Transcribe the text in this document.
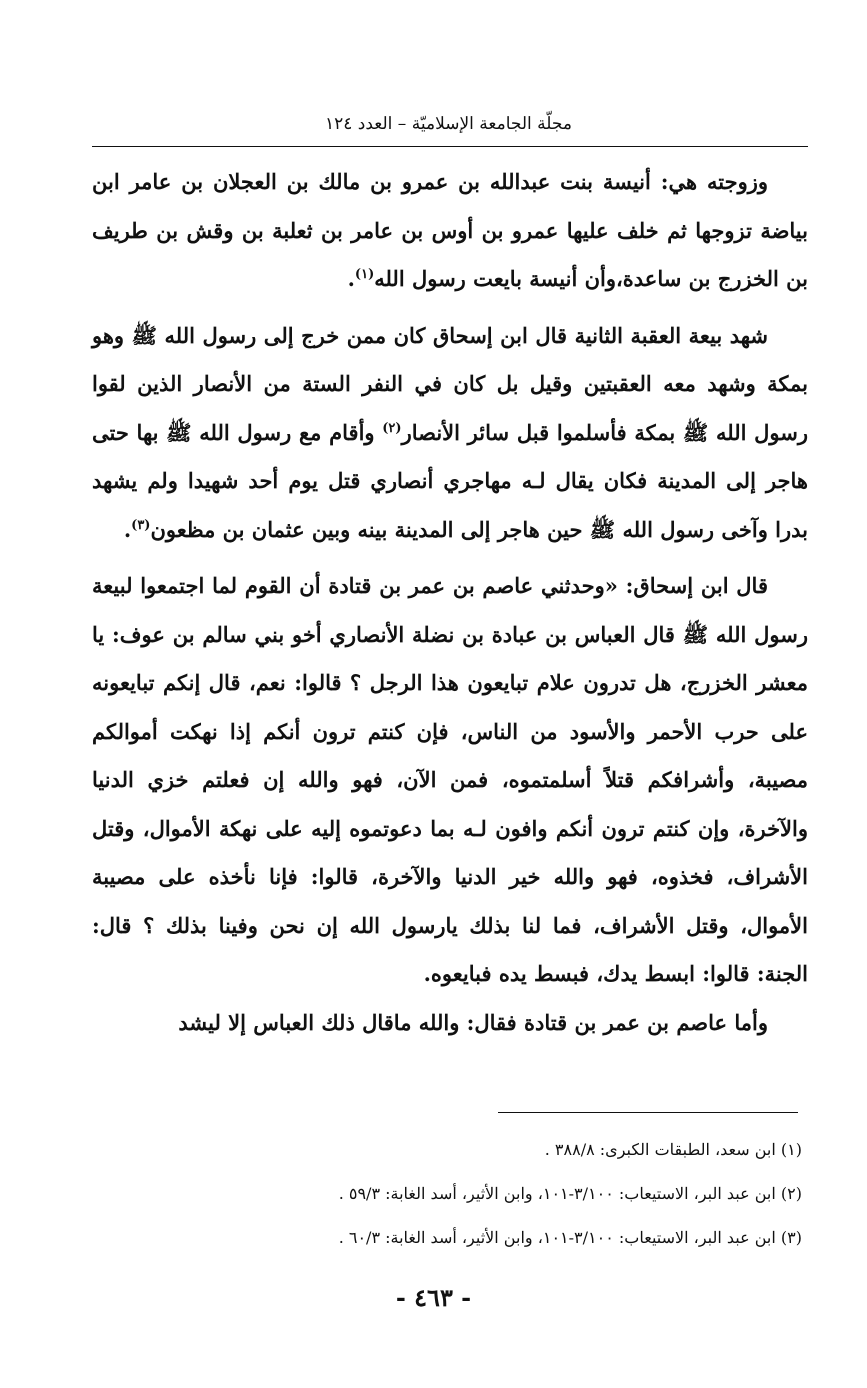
مجلّة الجامعة الإسلاميّة – العدد ١٢٤

وزوجته هي: أنيسة بنت عبدالله بن عمرو بن مالك بن العجلان بن عامر ابن بياضة تزوجها ثم خلف عليها عمرو بن أوس بن عامر بن ثعلبة بن وقش بن طريف بن الخزرج بن ساعدة،وأن أنيسة بايعت رسول الله$^{(١)}$.

شهد بيعة العقبة الثانية قال ابن إسحاق كان ممن خرج إلى رسول الله ﷺ وهو بمكة وشهد معه العقبتين وقيل بل كان في النفر الستة من الأنصار الذين لقوا رسول الله ﷺ بمكة فأسلموا قبل سائر الأنصار$^{(٢)}$ وأقام مع رسول الله ﷺ بها حتى هاجر إلى المدينة فكان يقال لـه مهاجري أنصاري قتل يوم أحد شهيدا ولم يشهد بدرا وآخى رسول الله ﷺ حين هاجر إلى المدينة بينه وبين عثمان بن مظعون$^{(٣)}$.

قال ابن إسحاق: «وحدثني عاصم بن عمر بن قتادة أن القوم لما اجتمعوا لبيعة رسول الله ﷺ قال العباس بن عبادة بن نضلة الأنصاري أخو بني سالم بن عوف: يا معشر الخزرج، هل تدرون علام تبايعون هذا الرجل ؟ قالوا: نعم، قال إنكم تبايعونه على حرب الأحمر والأسود من الناس، فإن كنتم ترون أنكم إذا نهكت أموالكم مصيبة، وأشرافكم قتلاً أسلمتموه، فمن الآن، فهو والله إن فعلتم خزي الدنيا والآخرة، وإن كنتم ترون أنكم وافون لـه بما دعوتموه إليه على نهكة الأموال، وقتل الأشراف، فخذوه، فهو والله خير الدنيا والآخرة، قالوا: فإنا نأخذه على مصيبة الأموال، وقتل الأشراف، فما لنا بذلك يارسول الله إن نحن وفينا بذلك ؟ قال: الجنة: قالوا: ابسط يدك، فبسط يده فبايعوه.

وأما عاصم بن عمر بن قتادة فقال: والله ماقال ذلك العباس إلا ليشد

(١) ابن سعد، الطبقات الكبرى: ٣٨٨/٨ .
(٢) ابن عبد البر، الاستيعاب: ٣/١٠٠-١٠١، وابن الأثير، أسد الغابة: ٥٩/٣ .
(٣) ابن عبد البر، الاستيعاب: ٣/١٠٠-١٠١، وابن الأثير، أسد الغابة: ٦٠/٣ .
- ٤٦٣ -
